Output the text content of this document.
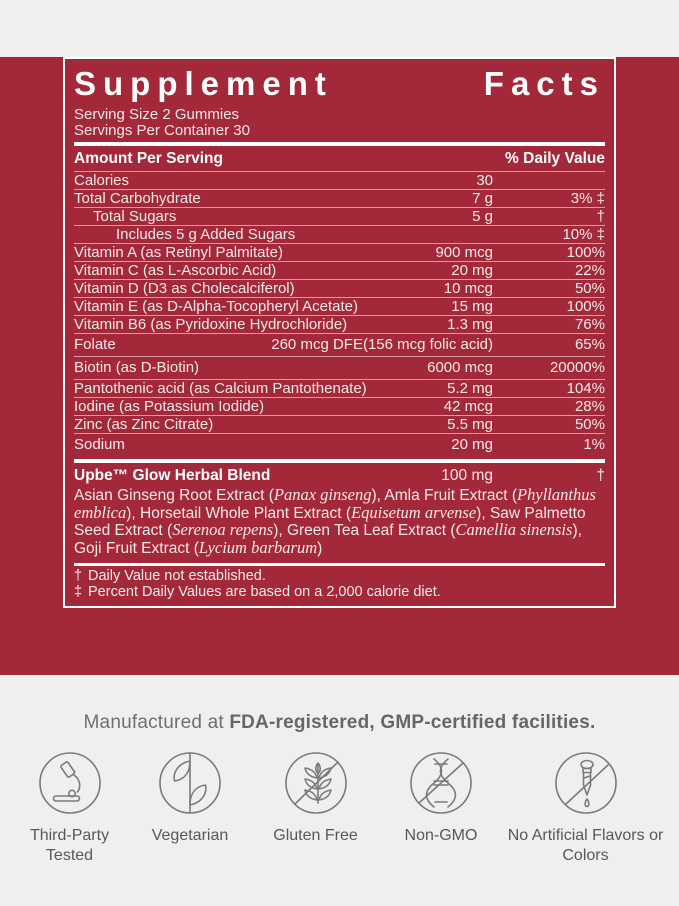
Supplement	Facts
Serving Size 2 Gummies
Servings Per Container 30
Amount Per Serving	% Daily Value
Calories	30
Total Carbohydrate	7 g	3% ‡
Total Sugars	5 g	†
Includes 5 g Added Sugars	10% ‡
Vitamin A (as Retinyl Palmitate)	900 mcg	100%
Vitamin C (as L-Ascorbic Acid)	20 mg	22%
Vitamin D (D3 as Cholecalciferol)	10 mcg	50%
Vitamin E (as D-Alpha-Tocopheryl Acetate)	15 mg	100%
Vitamin B6 (as Pyridoxine Hydrochloride)	1.3 mg	76%
Folate	260 mcg DFE(156 mcg folic acid)	65%
Biotin (as D-Biotin)	6000 mcg	20000%
Pantothenic acid (as Calcium Pantothenate)	5.2 mg	104%
Iodine (as Potassium Iodide)	42 mcg	28%
Zinc (as Zinc Citrate)	5.5 mg	50%
Sodium	20 mg	1%
Upbe™ Glow Herbal Blend	100 mg	†
Asian Ginseng Root Extract (Panax ginseng), Amla Fruit Extract (Phyllanthus emblica), Horsetail Whole Plant Extract (Equisetum arvense), Saw Palmetto Seed Extract (Serenoa repens), Green Tea Leaf Extract (Camellia sinensis), Goji Fruit Extract (Lycium barbarum)
† Daily Value not established.
‡ Percent Daily Values are based on a 2,000 calorie diet.
Manufactured at FDA-registered, GMP-certified facilities.
Third-Party Tested
Vegetarian	Gluten Free	Non-GMO	No Artificial Flavors or Colors
